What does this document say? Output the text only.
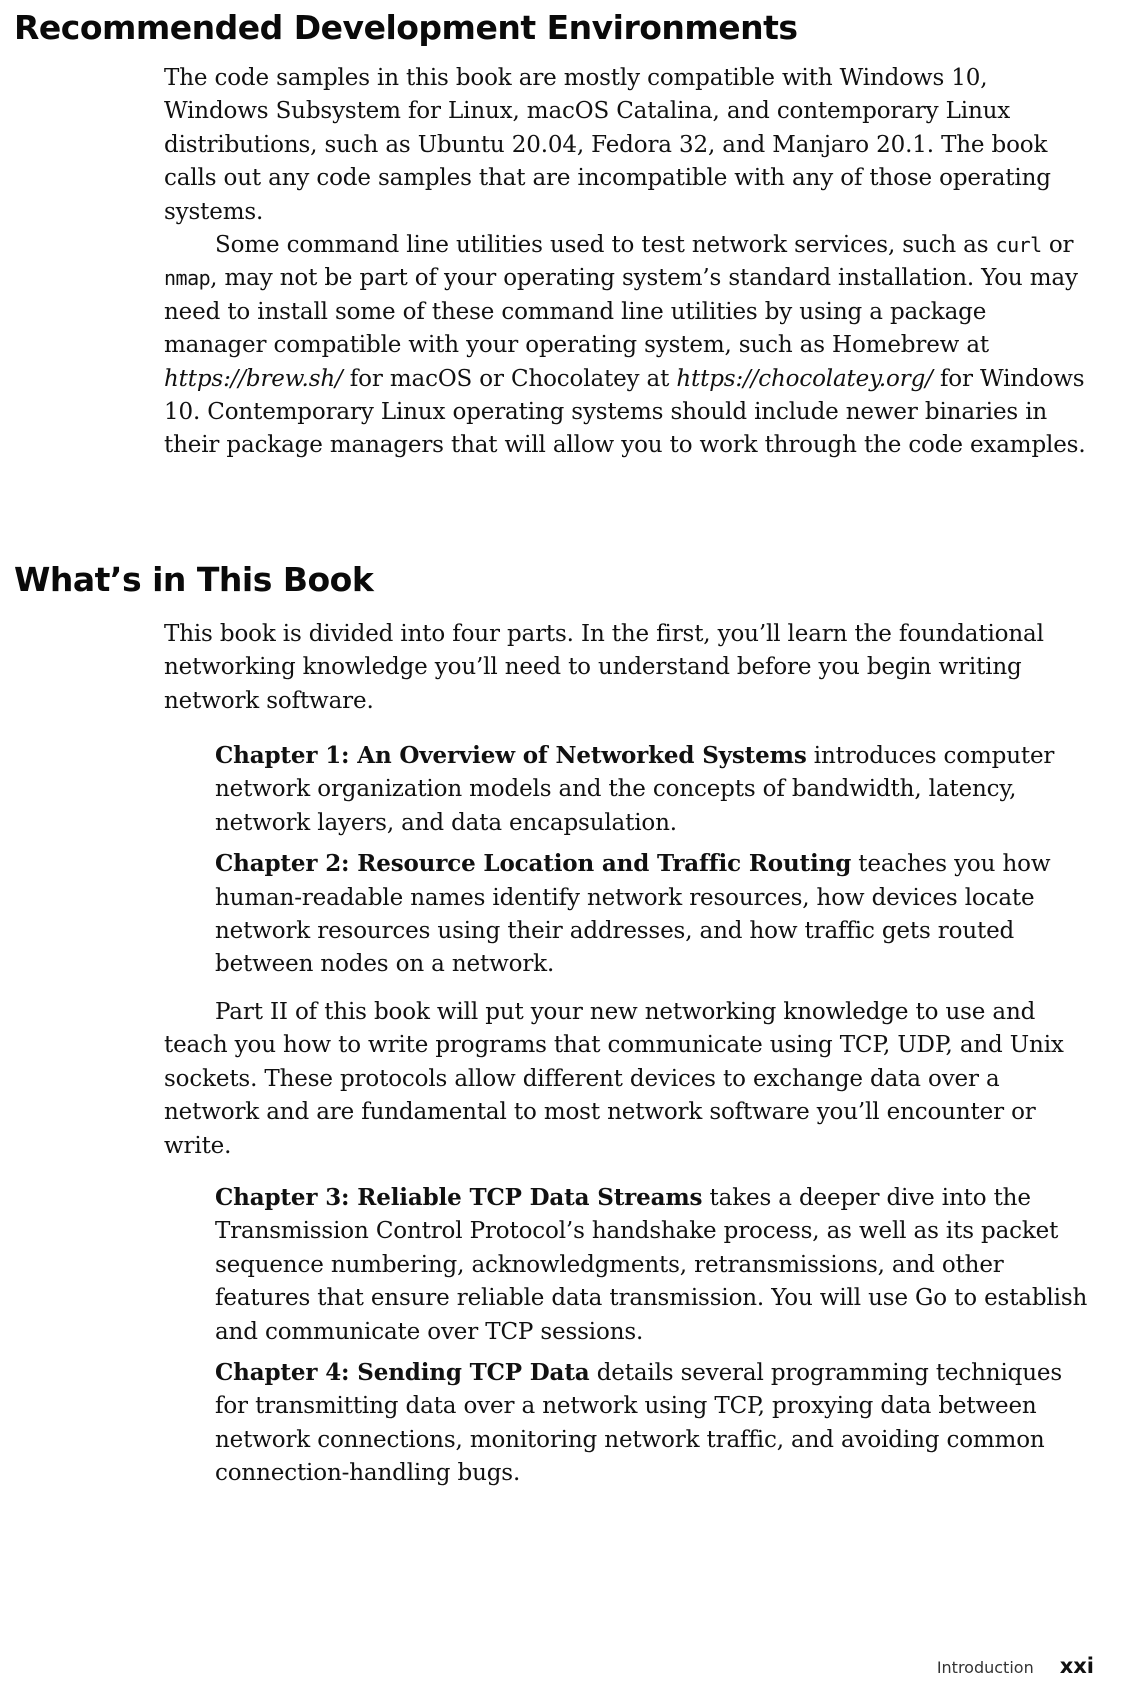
Recommended Development Environments

The code samples in this book are mostly compatible with Windows 10, Windows Subsystem for Linux, macOS Catalina, and contemporary Linux distributions, such as Ubuntu 20.04, Fedora 32, and Manjaro 20.1. The book calls out any code samples that are incompatible with any of those operating systems.

Some command line utilities used to test network services, such as curl or nmap, may not be part of your operating system’s standard installation. You may need to install some of these command line utilities by using a package manager compatible with your operating system, such as Homebrew at https://brew.sh/ for macOS or Chocolatey at https://chocolatey.org/ for Windows 10. Contemporary Linux operating systems should include newer binaries in their package managers that will allow you to work through the code examples.

What’s in This Book

This book is divided into four parts. In the first, you’ll learn the foundational networking knowledge you’ll need to understand before you begin writing network software.

Chapter 1: An Overview of Networked Systems introduces computer network organization models and the concepts of bandwidth, latency, network layers, and data encapsulation.

Chapter 2: Resource Location and Traffic Routing teaches you how human-readable names identify network resources, how devices locate network resources using their addresses, and how traffic gets routed between nodes on a network.

Part II of this book will put your new networking knowledge to use and teach you how to write programs that communicate using TCP, UDP, and Unix sockets. These protocols allow different devices to exchange data over a network and are fundamental to most network software you’ll encounter or write.

Chapter 3: Reliable TCP Data Streams takes a deeper dive into the Transmission Control Protocol’s handshake process, as well as its packet sequence numbering, acknowledgments, retransmissions, and other features that ensure reliable data transmission. You will use Go to establish and communicate over TCP sessions.

Chapter 4: Sending TCP Data details several programming techniques for transmitting data over a network using TCP, proxying data between network connections, monitoring network traffic, and avoiding common connection-handling bugs.

Introduction xxi
